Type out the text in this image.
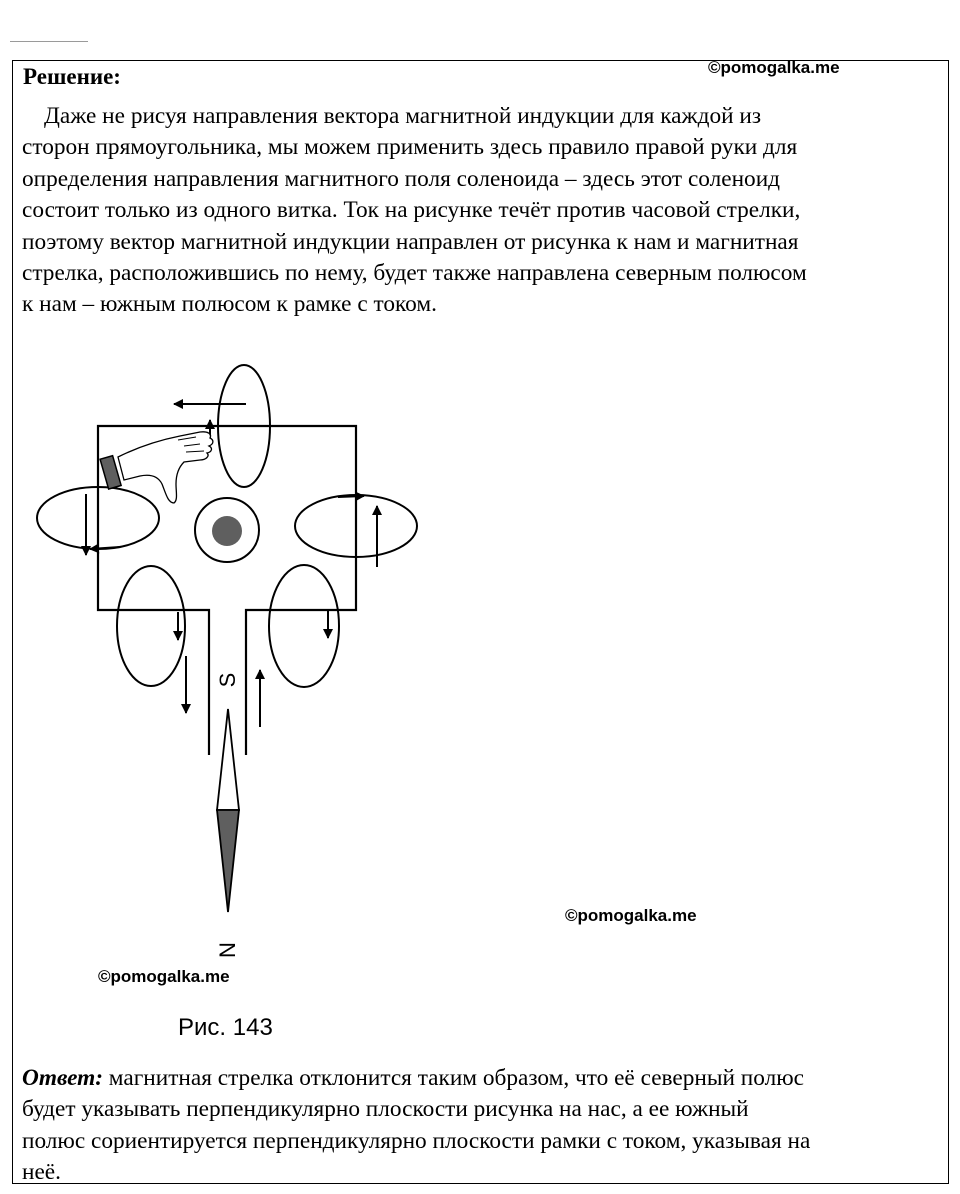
Решение:	©pomogalka.me
Даже не рисуя направления вектора магнитной индукции для каждой из
сторон прямоугольника, мы можем применить здесь правило правой руки для
определения направления магнитного поля соленоида – здесь этот соленоид
состоит только из одного витка. Ток на рисунке течёт против часовой стрелки,
поэтому вектор магнитной индукции направлен от рисунка к нам и магнитная
стрелка, расположившись по нему, будет также направлена северным полюсом
к нам – южным полюсом к рамке с током.
S
N
©pomogalka.me
©pomogalka.me
Рис. 143
Ответ: магнитная стрелка отклонится таким образом, что её северный полюс
будет указывать перпендикулярно плоскости рисунка на нас, а ее южный
полюс сориентируется перпендикулярно плоскости рамки с током, указывая на
неё.
